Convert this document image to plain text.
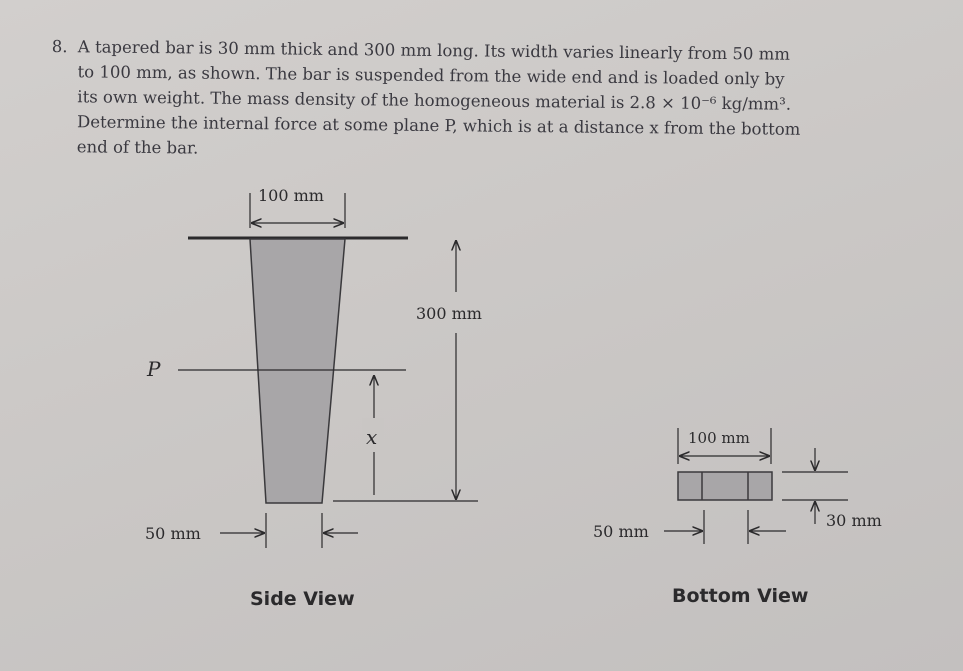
8. A tapered bar is 30 mm thick and 300 mm long. Its width varies linearly from 50 mm

to 100 mm, as shown. The bar is suspended from the wide end and is loaded only by

its own weight. The mass density of the homogeneous material is 2.8 × 10⁻⁶ kg/mm³.

Determine the internal force at some plane P, which is at a distance x from the bottom

end of the bar.

100 mm
300 mm
P
x
50 mm
Side View
100 mm
30 mm
50 mm
Bottom View
